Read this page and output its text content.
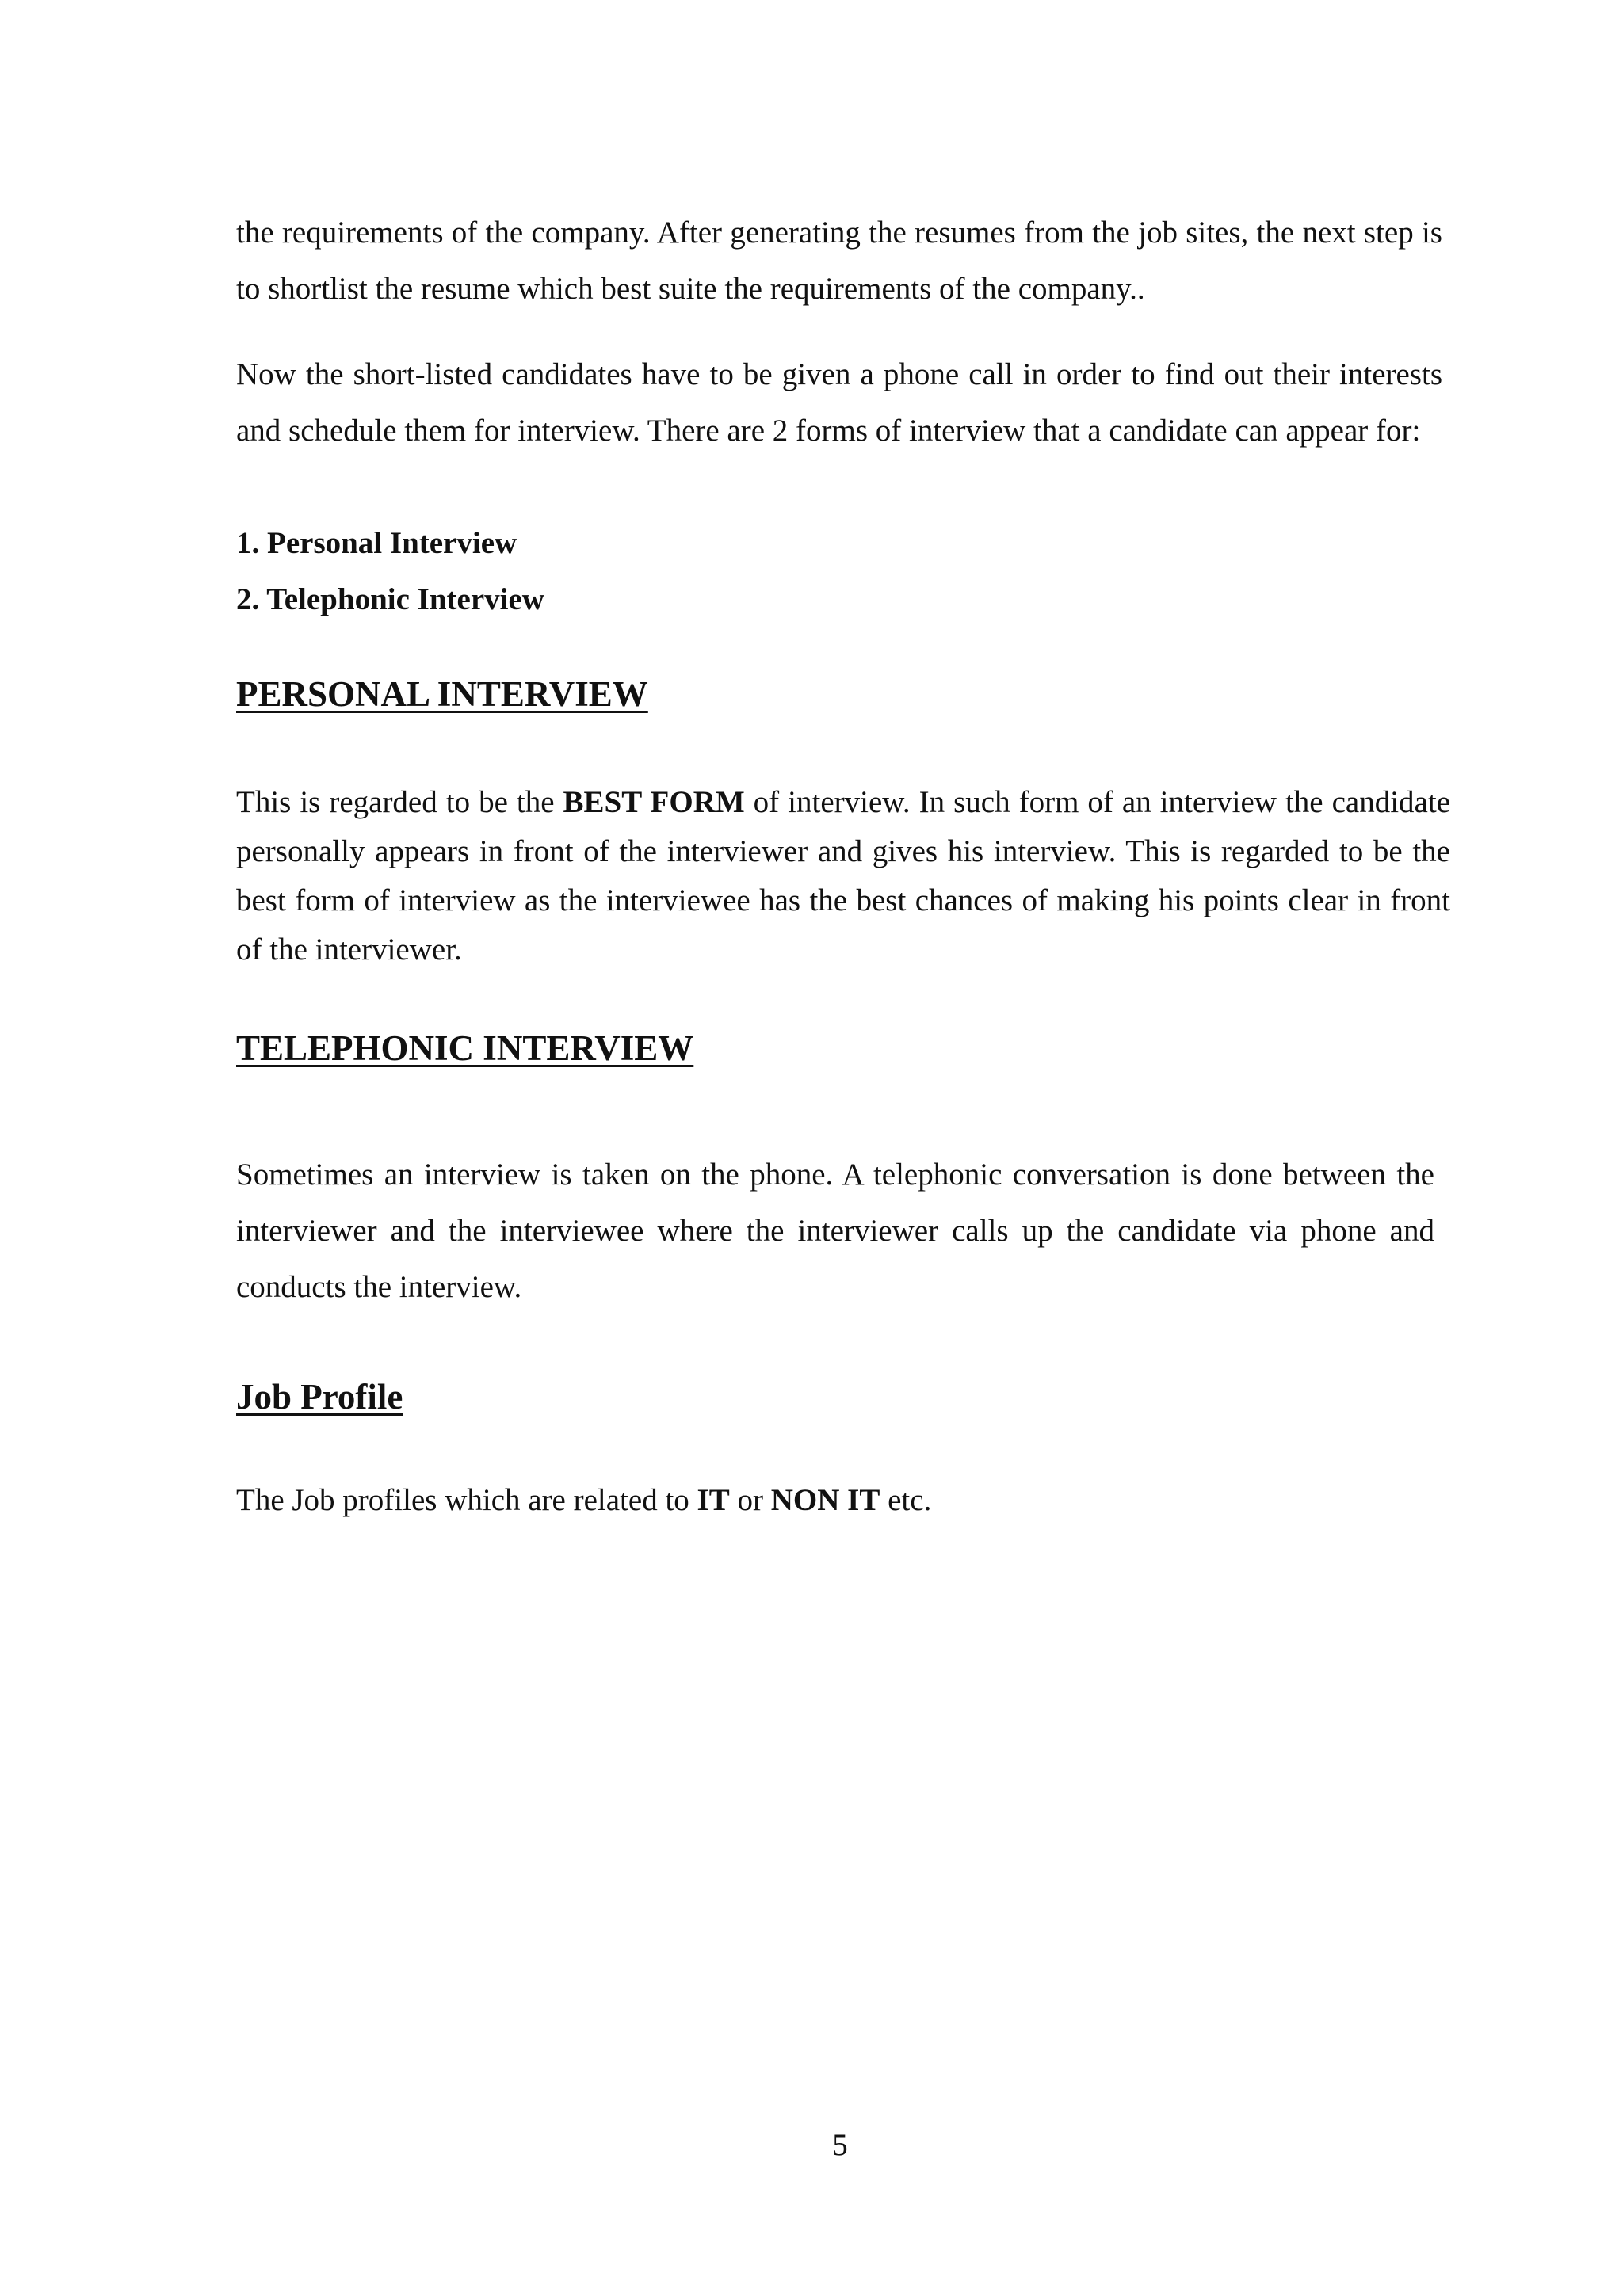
the requirements of the company. After generating the resumes from the job sites, the next step is to shortlist the resume which best suite the requirements of the company..
Now the short-listed candidates have to be given a phone call in order to find out their interests and schedule them for interview. There are 2 forms of interview that a candidate can appear for:
1. Personal Interview
2. Telephonic Interview
PERSONAL INTERVIEW
This is regarded to be the BEST FORM of interview. In such form of an interview the candidate personally appears in front of the interviewer and gives his interview. This is regarded to be the best form of interview as the interviewee has the best chances of making his points clear in front of the interviewer.
TELEPHONIC INTERVIEW
Sometimes an interview is taken on the phone. A telephonic conversation is done between the interviewer and the interviewee where the interviewer calls up the candidate via phone and conducts the interview.
Job Profile
The Job profiles which are related to IT or NON IT etc.
5
